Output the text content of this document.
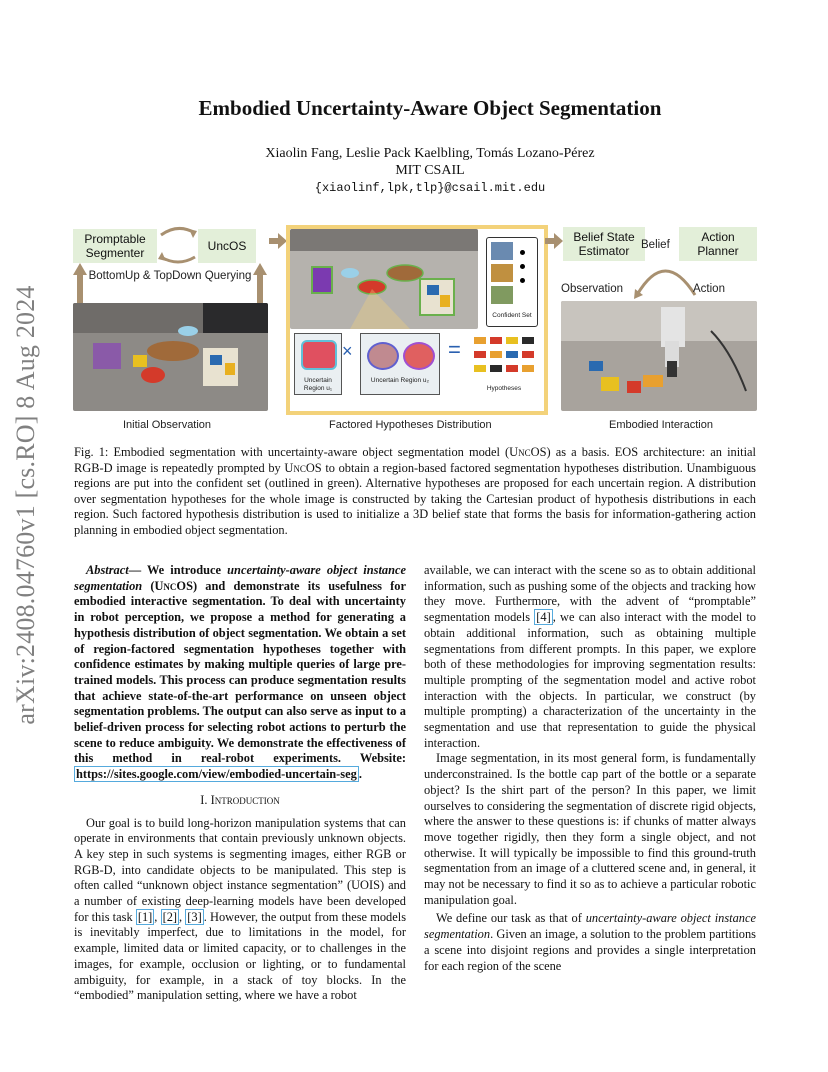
arXiv:2408.04760v1 [cs.RO] 8 Aug 2024
Embodied Uncertainty-Aware Object Segmentation
Xiaolin Fang, Leslie Pack Kaelbling, Tomás Lozano-Pérez
MIT CSAIL
{xiaolinf,lpk,tlp}@csail.mit.edu
Promptable Segmenter	UncOS
BottomUp & TopDown Querying
Initial Observation
Confident Set
Uncertain Region u₁
×
Uncertain Region u₂
=
Hypotheses
Factored Hypotheses Distribution
Belief State Estimator	Belief
Action Planner
Observation	Action
Embodied Interaction
Fig. 1: Embodied segmentation with uncertainty-aware object segmentation model (UncOS) as a basis. EOS architecture: an initial RGB-D image is repeatedly prompted by UncOS to obtain a region-based factored segmentation hypotheses distribution. Unambiguous regions are put into the confident set (outlined in green). Alternative hypotheses are proposed for each uncertain region. A distribution over segmentation hypotheses for the whole image is constructed by taking the Cartesian product of hypothesis distributions in each region. Such factored hypothesis distribution is used to initialize a 3D belief state that forms the basis for information-gathering action planning in embodied object segmentation.

Abstract— We introduce uncertainty-aware object instance segmentation (UncOS) and demonstrate its usefulness for embodied interactive segmentation. To deal with uncertainty in robot perception, we propose a method for generating a hypothesis distribution of object segmentation. We obtain a set of region-factored segmentation hypotheses together with confidence estimates by making multiple queries of large pre-trained models. This process can produce segmentation results that achieve state-of-the-art performance on unseen object segmentation problems. The output can also serve as input to a belief-driven process for selecting robot actions to perturb the scene to reduce ambiguity. We demonstrate the effectiveness of this method in real-robot experiments. Website: https://sites.google.com/view/embodied-uncertain-seg .

I. Introduction

Our goal is to build long-horizon manipulation systems that can operate in environments that contain previously unknown objects. A key step in such systems is segmenting images, either RGB or RGB-D, into candidate objects to be manipulated. This step is often called “unknown object instance segmentation” (UOIS) and a number of existing deep-learning models have been developed for this task [1] , [2] , [3] . However, the output from these models is inevitably imperfect, due to limitations in the model, for example, limited data or limited capacity, or to challenges in the images, for example, occlusion or lighting, or to fundamental ambiguity, for example, in a stack of toy blocks. In the “embodied” manipulation setting, where we have a robot

available, we can interact with the scene so as to obtain additional information, such as pushing some of the objects and tracking how they move. Furthermore, with the advent of “promptable” segmentation models [4] , we can also interact with the model to obtain additional information, such as obtaining multiple segmentations from different prompts. In this paper, we explore both of these methodologies for improving segmentation results: multiple prompting of the segmentation model and active robot interaction with the objects. In particular, we construct (by multiple prompting) a characterization of the uncertainty in the segmentation and use that representation to guide the physical interaction.

Image segmentation, in its most general form, is fundamentally underconstrained. Is the bottle cap part of the bottle or a separate object? Is the shirt part of the person? In this paper, we limit ourselves to considering the segmentation of discrete rigid objects, where the answer to these questions is: if chunks of matter always move together rigidly, then they form a single object, and not otherwise. It will typically be impossible to find this ground-truth segmentation from an image of a cluttered scene and, in general, it may not be necessary to find it so as to achieve a particular robotic manipulation goal.

We define our task as that of uncertainty-aware object instance segmentation. Given an image, a solution to the problem partitions a scene into disjoint regions and provides a single interpretation for each region of the scene
